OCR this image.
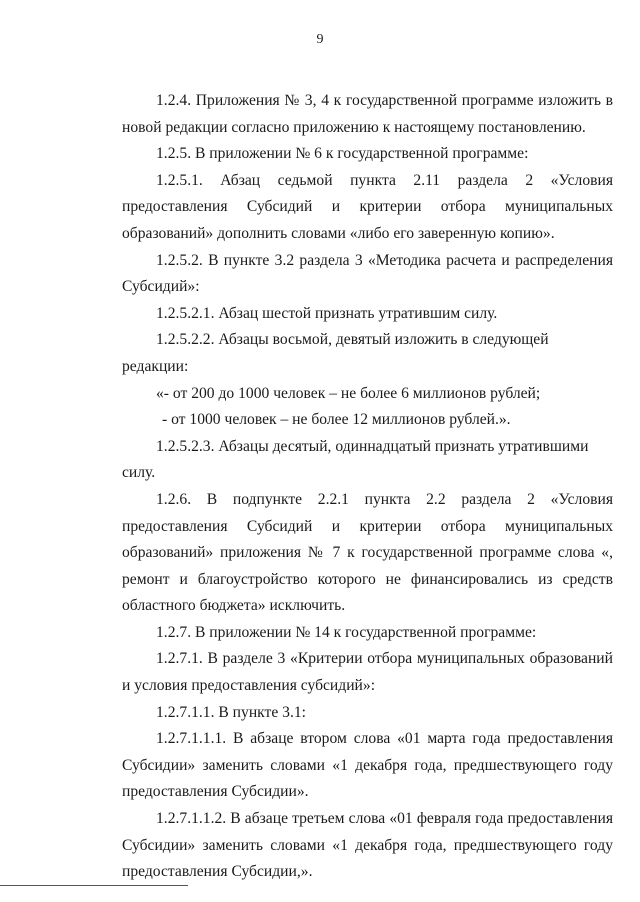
9

1.2.4. Приложения № 3, 4 к государственной программе изложить в новой редакции согласно приложению к настоящему постановлению.

1.2.5. В приложении № 6 к государственной программе:

1.2.5.1. Абзац седьмой пункта 2.11 раздела 2 «Условия предоставления Субсидий и критерии отбора муниципальных образований» дополнить словами «либо его заверенную копию».

1.2.5.2. В пункте 3.2 раздела 3 «Методика расчета и распределения Субсидий»:

1.2.5.2.1. Абзац шестой признать утратившим силу.

1.2.5.2.2. Абзацы восьмой, девятый изложить в следующей редакции:

«- от 200 до 1000 человек – не более 6 миллионов рублей;

- от 1000 человек – не более 12 миллионов рублей.».

1.2.5.2.3. Абзацы десятый, одиннадцатый признать утратившими силу.

1.2.6. В подпункте 2.2.1 пункта 2.2 раздела 2 «Условия предоставления Субсидий и критерии отбора муниципальных образований» приложения № 7 к государственной программе слова «, ремонт и благоустройство которого не финансировались из средств областного бюджета» исключить.

1.2.7. В приложении № 14 к государственной программе:

1.2.7.1. В разделе 3 «Критерии отбора муниципальных образований и условия предоставления субсидий»:

1.2.7.1.1. В пункте 3.1:

1.2.7.1.1.1. В абзаце втором слова «01 марта года предоставления Субсидии» заменить словами «1 декабря года, предшествующего году предоставления Субсидии».

1.2.7.1.1.2. В абзаце третьем слова «01 февраля года предоставления Субсидии» заменить словами «1 декабря года, предшествующего году предоставления Субсидии,».
